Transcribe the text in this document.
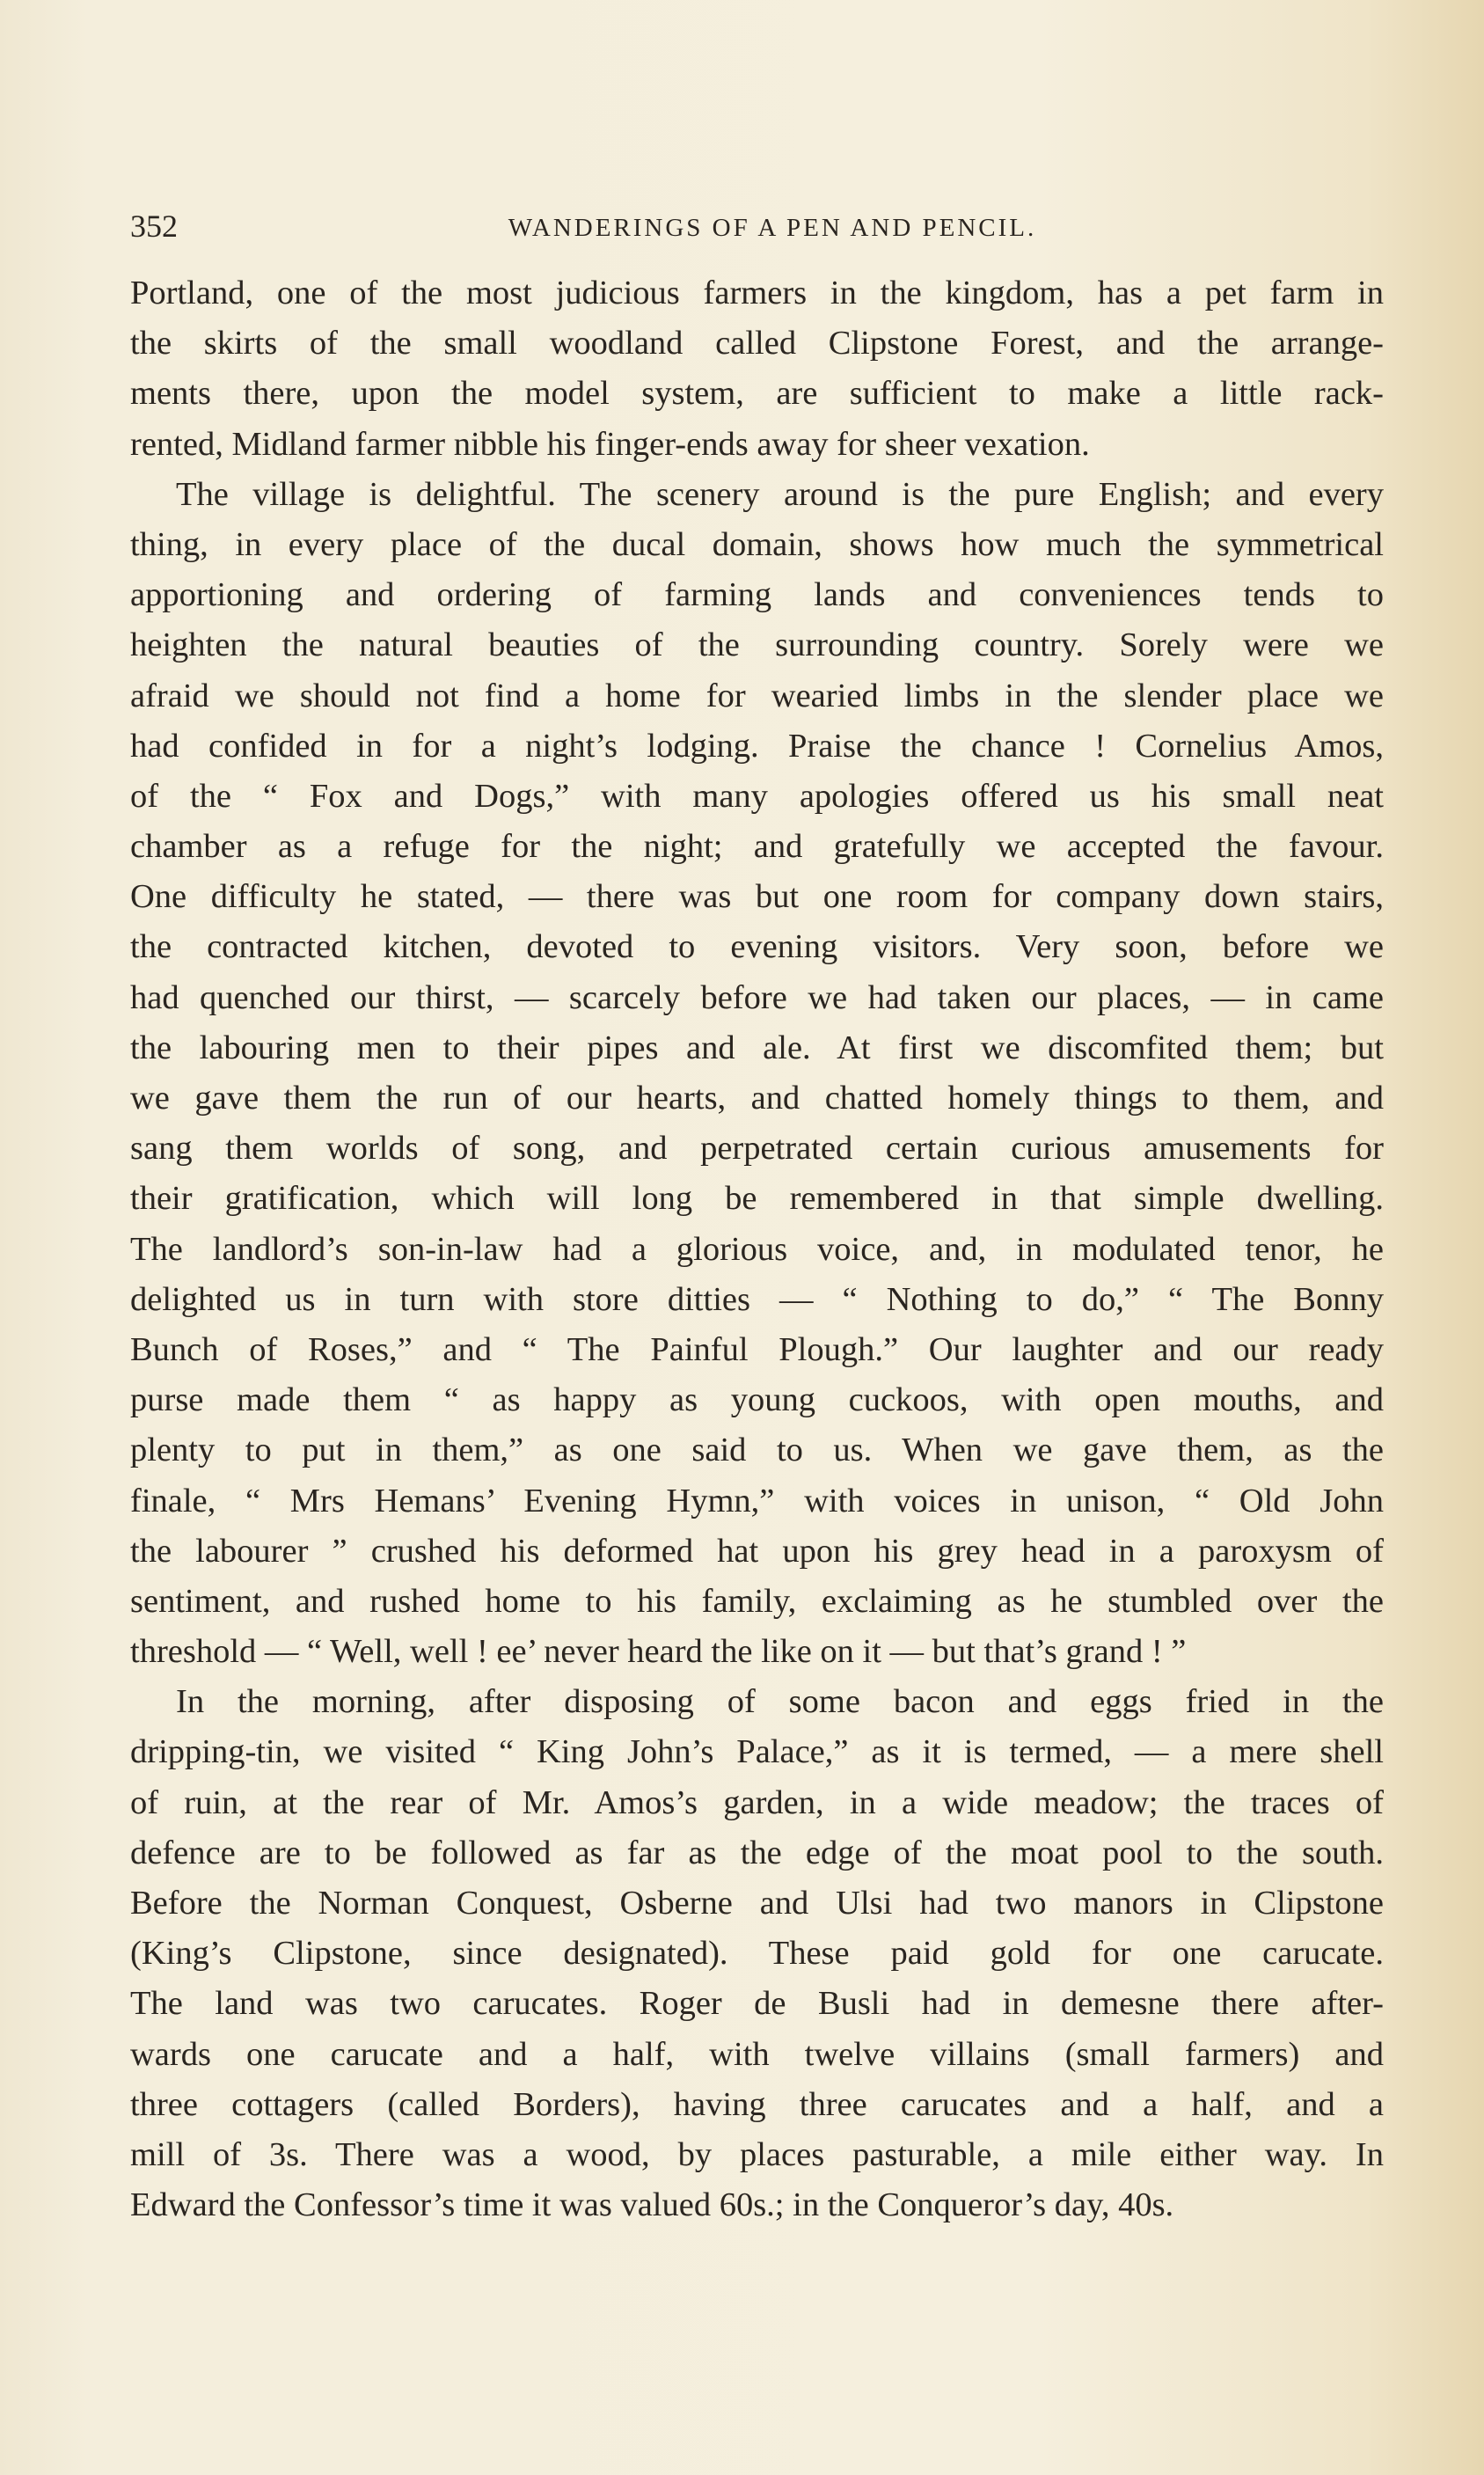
352	WANDERINGS OF A PEN AND PENCIL.
Portland, one of the most judicious farmers in the kingdom, has a pet farm in
the skirts of the small woodland called Clipstone Forest, and the arrange-
ments there, upon the model system, are sufficient to make a little rack-
rented, Midland farmer nibble his finger-ends away for sheer vexation.
The village is delightful. The scenery around is the pure English; and every
thing, in every place of the ducal domain, shows how much the symmetrical
apportioning and ordering of farming lands and conveniences tends to
heighten the natural beauties of the surrounding country. Sorely were we
afraid we should not find a home for wearied limbs in the slender place we
had confided in for a night’s lodging. Praise the chance ! Cornelius Amos,
of the “ Fox and Dogs,” with many apologies offered us his small neat
chamber as a refuge for the night; and gratefully we accepted the favour.
One difficulty he stated, — there was but one room for company down stairs,
the contracted kitchen, devoted to evening visitors. Very soon, before we
had quenched our thirst, — scarcely before we had taken our places, — in came
the labouring men to their pipes and ale. At first we discomfited them; but
we gave them the run of our hearts, and chatted homely things to them, and
sang them worlds of song, and perpetrated certain curious amusements for
their gratification, which will long be remembered in that simple dwelling.
The landlord’s son-in-law had a glorious voice, and, in modulated tenor, he
delighted us in turn with store ditties — “ Nothing to do,” “ The Bonny
Bunch of Roses,” and “ The Painful Plough.” Our laughter and our ready
purse made them “ as happy as young cuckoos, with open mouths, and
plenty to put in them,” as one said to us. When we gave them, as the
finale, “ Mrs Hemans’ Evening Hymn,” with voices in unison, “ Old John
the labourer ” crushed his deformed hat upon his grey head in a paroxysm of
sentiment, and rushed home to his family, exclaiming as he stumbled over the
threshold — “ Well, well ! ee’ never heard the like on it — but that’s grand ! ”
In the morning, after disposing of some bacon and eggs fried in the
dripping-tin, we visited “ King John’s Palace,” as it is termed, — a mere shell
of ruin, at the rear of Mr. Amos’s garden, in a wide meadow; the traces of
defence are to be followed as far as the edge of the moat pool to the south.
Before the Norman Conquest, Osberne and Ulsi had two manors in Clipstone
(King’s Clipstone, since designated). These paid gold for one carucate.
The land was two carucates. Roger de Busli had in demesne there after-
wards one carucate and a half, with twelve villains (small farmers) and
three cottagers (called Borders), having three carucates and a half, and a
mill of 3s. There was a wood, by places pasturable, a mile either way. In
Edward the Confessor’s time it was valued 60s.; in the Conqueror’s day, 40s.
